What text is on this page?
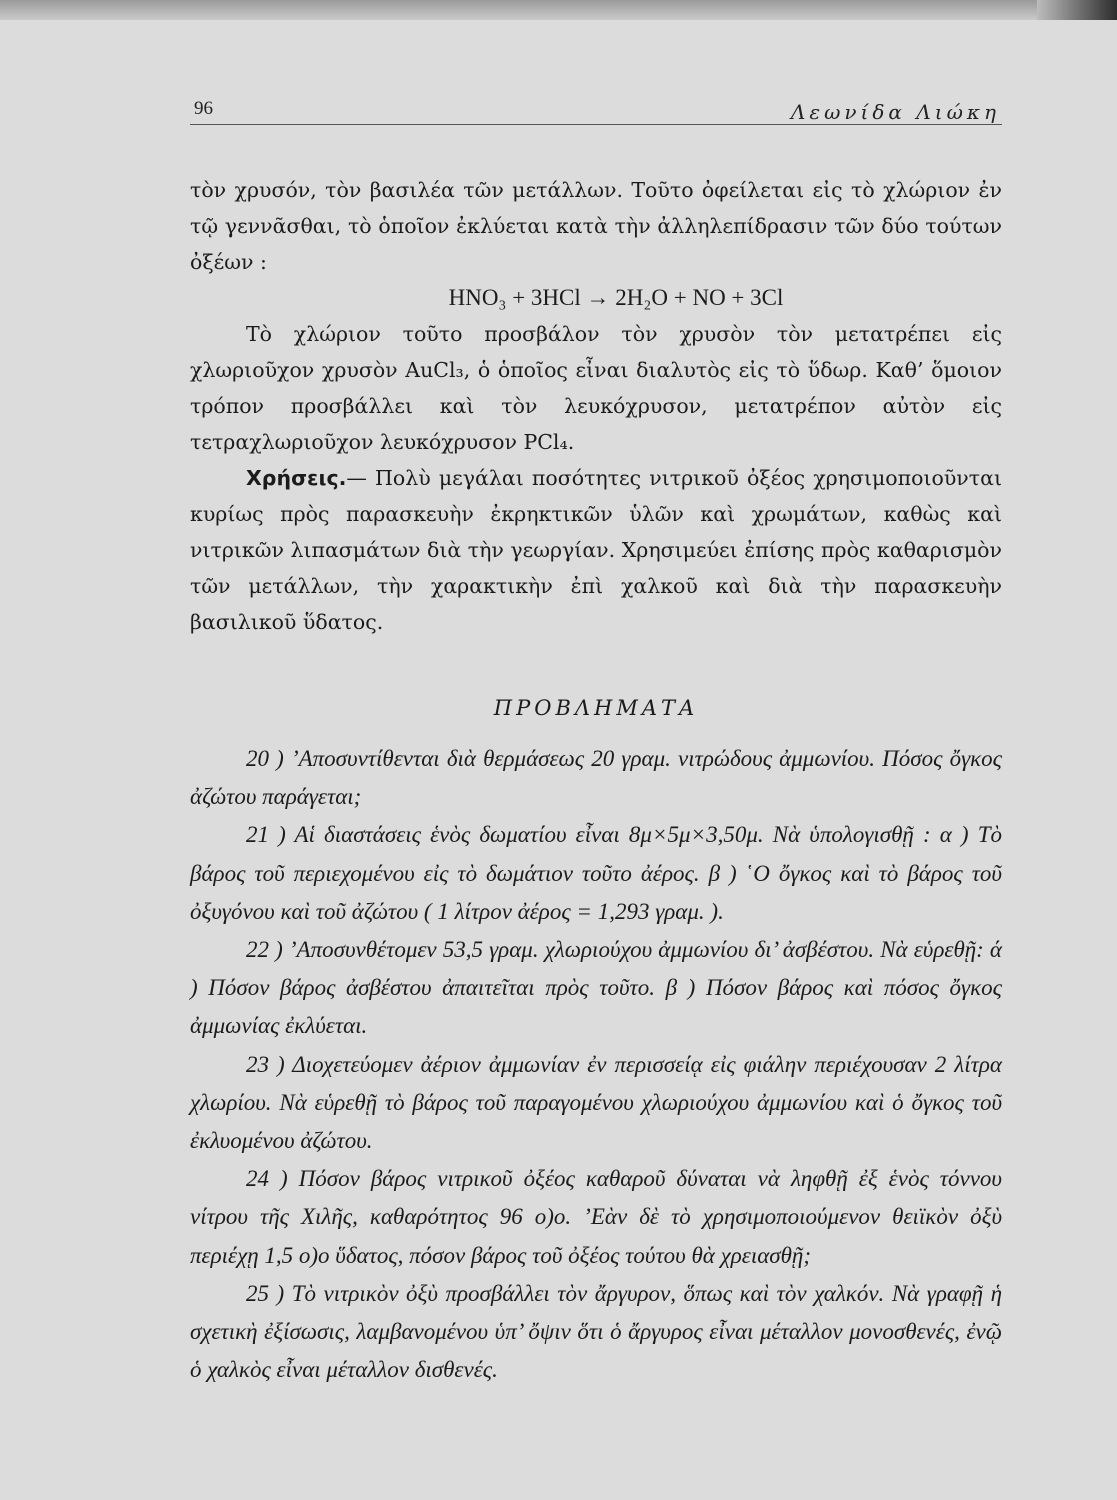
96	Λεωνίδα Λιώκη

τὸν χρυσόν, τὸν βασιλέα τῶν μετάλλων. Τοῦτο ὀφείλεται εἰς τὸ χλώριον ἐν τῷ γεννᾶσθαι, τὸ ὁποῖον ἐκλύεται κατὰ τὴν ἀλληλεπίδρασιν τῶν δύο τούτων ὀξέων :

HNO₃ + 3HCl → 2H₂O + NO + 3Cl

Τὸ χλώριον τοῦτο προσβάλον τὸν χρυσὸν τὸν μετατρέπει εἰς χλωριοῦχον χρυσὸν AuCl₃, ὁ ὁποῖος εἶναι διαλυτὸς εἰς τὸ ὕδωρ. Καθ’ ὅμοιον τρόπον προσβάλλει καὶ τὸν λευκόχρυσον, μετατρέπον αὐτὸν εἰς τετραχλωριοῦχον λευκόχρυσον PCl₄.

Χρήσεις.— Πολὺ μεγάλαι ποσότητες νιτρικοῦ ὀξέος χρησιμοποιοῦνται κυρίως πρὸς παρασκευὴν ἐκρηκτικῶν ὑλῶν καὶ χρωμάτων, καθὼς καὶ νιτρικῶν λιπασμάτων διὰ τὴν γεωργίαν. Χρησιμεύει ἐπίσης πρὸς καθαρισμὸν τῶν μετάλλων, τὴν χαρακτικὴν ἐπὶ χαλκοῦ καὶ διὰ τὴν παρασκευὴν βασιλικοῦ ὕδατος.

ΠΡΟΒΛΗΜΑΤΑ

20 ) ’Αποσυντίθενται διὰ θερμάσεως 20 γραμ. νιτρώδους ἀμμωνίου. Πόσος ὄγκος ἀζώτου παράγεται;

21 ) Αἱ διαστάσεις ἑνὸς δωματίου εἶναι 8μ×5μ×3,50μ. Νὰ ὑπολογισθῇ : α ) Τὸ βάρος τοῦ περιεχομένου εἰς τὸ δωμάτιον τοῦτο ἀέρος. β ) ῾Ο ὄγκος καὶ τὸ βάρος τοῦ ὀξυγόνου καὶ τοῦ ἀζώτου ( 1 λίτρον ἀέρος = 1,293 γραμ. ).

22 ) ’Αποσυνθέτομεν 53,5 γραμ. χλωριούχου ἀμμωνίου δι’ ἀσβέστου. Νὰ εὑρεθῇ: ά ) Πόσον βάρος ἀσβέστου ἀπαιτεῖται πρὸς τοῦτο. β ) Πόσον βάρος καὶ πόσος ὄγκος ἀμμωνίας ἐκλύεται.

23 ) Διοχετεύομεν ἀέριον ἀμμωνίαν ἐν περισσείᾳ εἰς φιάλην περιέχουσαν 2 λίτρα χλωρίου. Νὰ εὑρεθῇ τὸ βάρος τοῦ παραγομένου χλωριούχου ἀμμωνίου καὶ ὁ ὄγκος τοῦ ἐκλυομένου ἀζώτου.

24 ) Πόσον βάρος νιτρικοῦ ὀξέος καθαροῦ δύναται νὰ ληφθῇ ἐξ ἑνὸς τόννου νίτρου τῆς Χιλῆς, καθαρότητος 96 ο)ο. ’Εὰν δὲ τὸ χρησιμοποιούμενον θειϊκὸν ὀξὺ περιέχῃ 1,5 ο)ο ὕδατος, πόσον βάρος τοῦ ὀξέος τούτου θὰ χρειασθῇ;

25 ) Τὸ νιτρικὸν ὀξὺ προσβάλλει τὸν ἄργυρον, ὅπως καὶ τὸν χαλκόν. Νὰ γραφῇ ἡ σχετικὴ ἐξίσωσις, λαμβανομένου ὑπ’ ὄψιν ὅτι ὁ ἄργυρος εἶναι μέταλλον μονοσθενές, ἐνῷ ὁ χαλκὸς εἶναι μέταλλον δισθενές.
